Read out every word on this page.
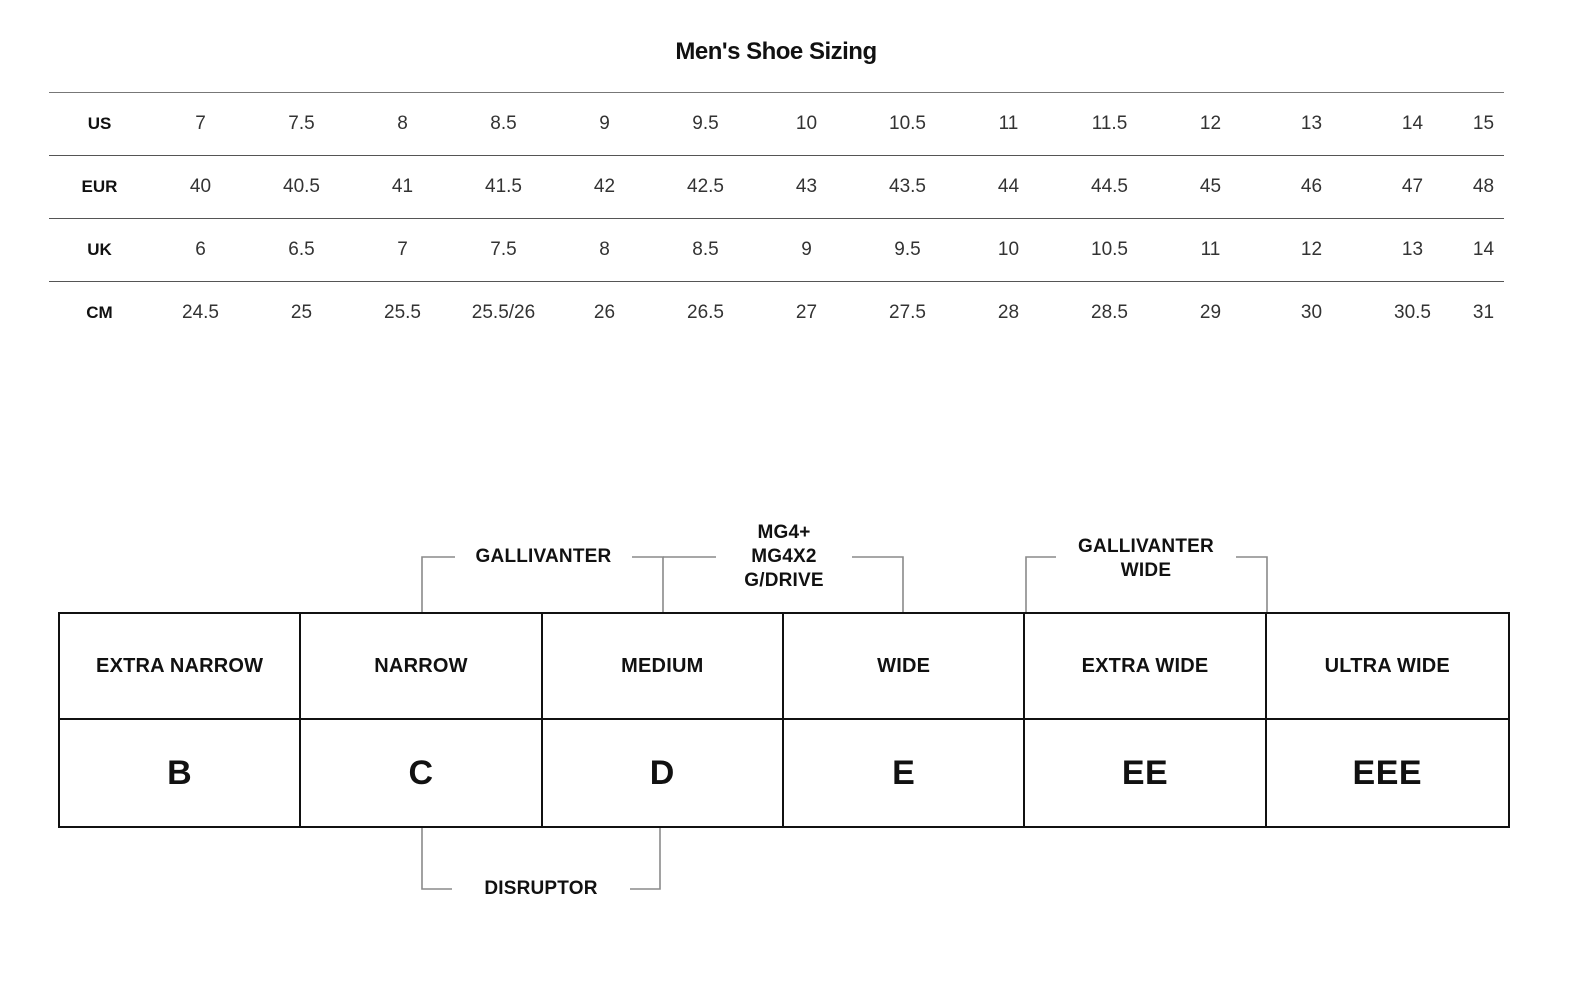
Men's Shoe Sizing
US	7	7.5	8	8.5	9	9.5	10	10.5	11	11.5	12	13	14	15
EUR	40	40.5	41	41.5	42	42.5	43	43.5	44	44.5	45	46	47	48
UK	6	6.5	7	7.5	8	8.5	9	9.5	10	10.5	11	12	13	14
CM	24.5	25	25.5	25.5/26	26	26.5	27	27.5	28	28.5	29	30	30.5	31
GALLIVANTER
MG4+
MG4X2
G/DRIVE
GALLIVANTER
WIDE
DISRUPTOR
EXTRA NARROW	NARROW	MEDIUM	WIDE	EXTRA WIDE	ULTRA WIDE
B	C	D	E	EE	EEE
